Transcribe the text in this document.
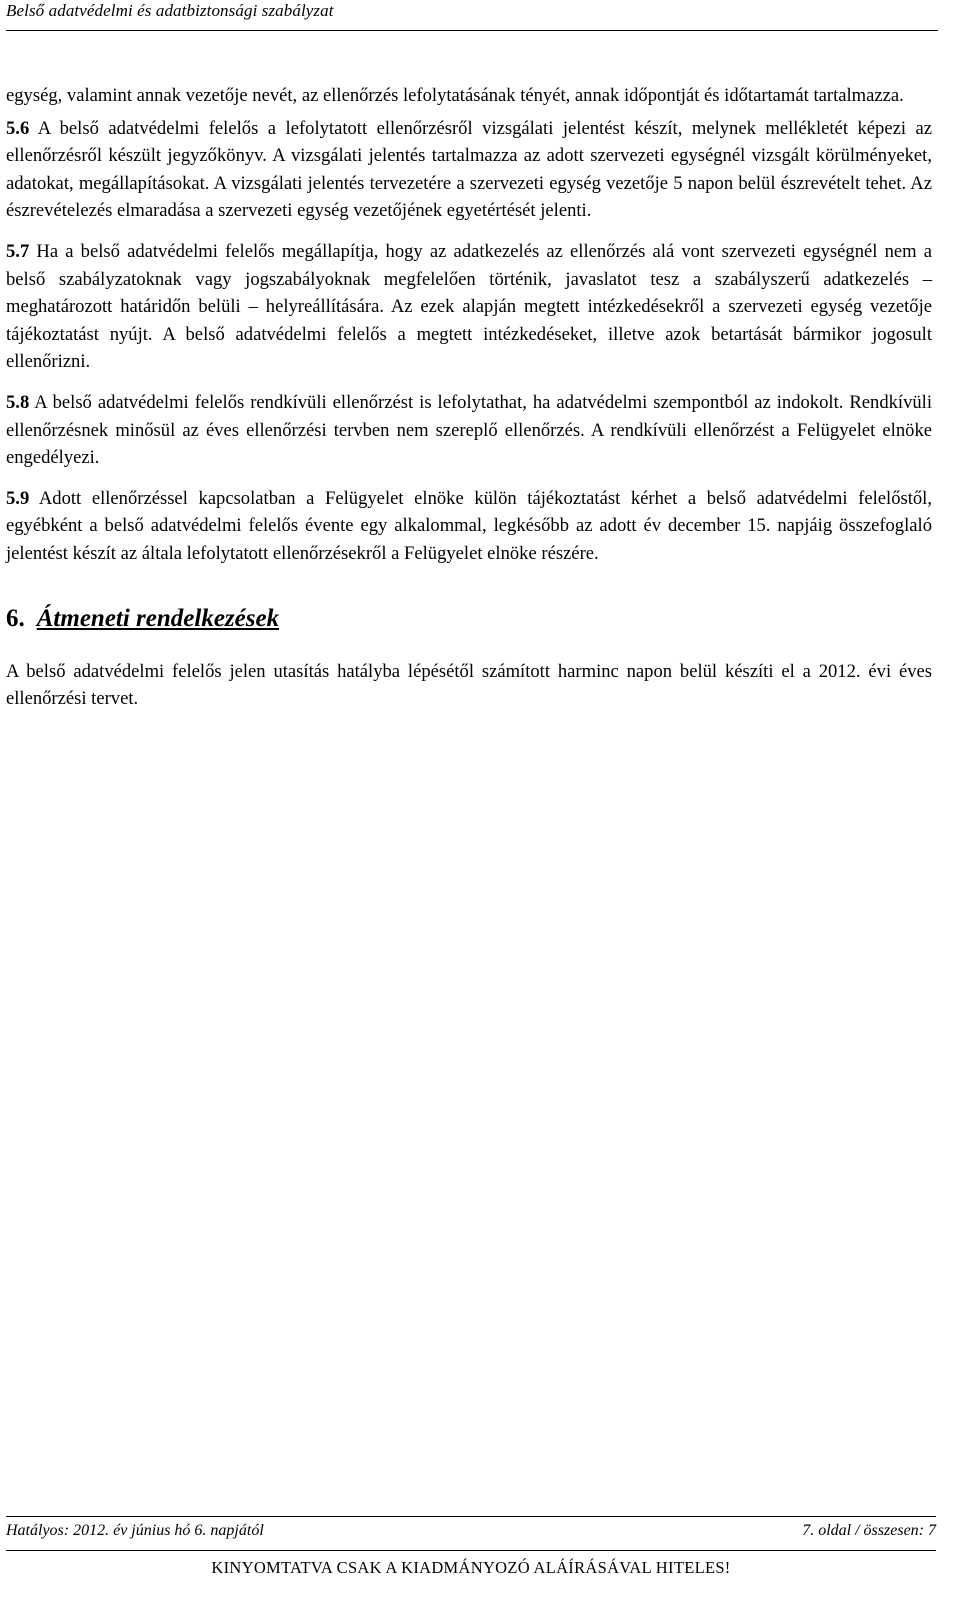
Belső adatvédelmi és adatbiztonsági szabályzat

egység, valamint annak vezetője nevét, az ellenőrzés lefolytatásának tényét, annak időpontját és időtartamát tartalmazza.

5.6 A belső adatvédelmi felelős a lefolytatott ellenőrzésről vizsgálati jelentést készít, melynek mellékletét képezi az ellenőrzésről készült jegyzőkönyv. A vizsgálati jelentés tartalmazza az adott szervezeti egységnél vizsgált körülményeket, adatokat, megállapításokat. A vizsgálati jelentés tervezetére a szervezeti egység vezetője 5 napon belül észrevételt tehet. Az észrevételezés elmaradása a szervezeti egység vezetőjének egyetértését jelenti.

5.7 Ha a belső adatvédelmi felelős megállapítja, hogy az adatkezelés az ellenőrzés alá vont szervezeti egységnél nem a belső szabályzatoknak vagy jogszabályoknak megfelelően történik, javaslatot tesz a szabályszerű adatkezelés – meghatározott határidőn belüli – helyreállítására. Az ezek alapján megtett intézkedésekről a szervezeti egység vezetője tájékoztatást nyújt. A belső adatvédelmi felelős a megtett intézkedéseket, illetve azok betartását bármikor jogosult ellenőrizni.

5.8 A belső adatvédelmi felelős rendkívüli ellenőrzést is lefolytathat, ha adatvédelmi szempontból az indokolt. Rendkívüli ellenőrzésnek minősül az éves ellenőrzési tervben nem szereplő ellenőrzés. A rendkívüli ellenőrzést a Felügyelet elnöke engedélyezi.

5.9 Adott ellenőrzéssel kapcsolatban a Felügyelet elnöke külön tájékoztatást kérhet a belső adatvédelmi felelőstől, egyébként a belső adatvédelmi felelős évente egy alkalommal, legkésőbb az adott év december 15. napjáig összefoglaló jelentést készít az általa lefolytatott ellenőrzésekről a Felügyelet elnöke részére.

6. Átmeneti rendelkezések

A belső adatvédelmi felelős jelen utasítás hatályba lépésétől számított harminc napon belül készíti el a 2012. évi éves ellenőrzési tervet.

Hatályos: 2012. év június hó 6. napjától	7. oldal / összesen: 7
KINYOMTATVA CSAK A KIADMÁNYOZÓ ALÁÍRÁSÁVAL HITELES!
